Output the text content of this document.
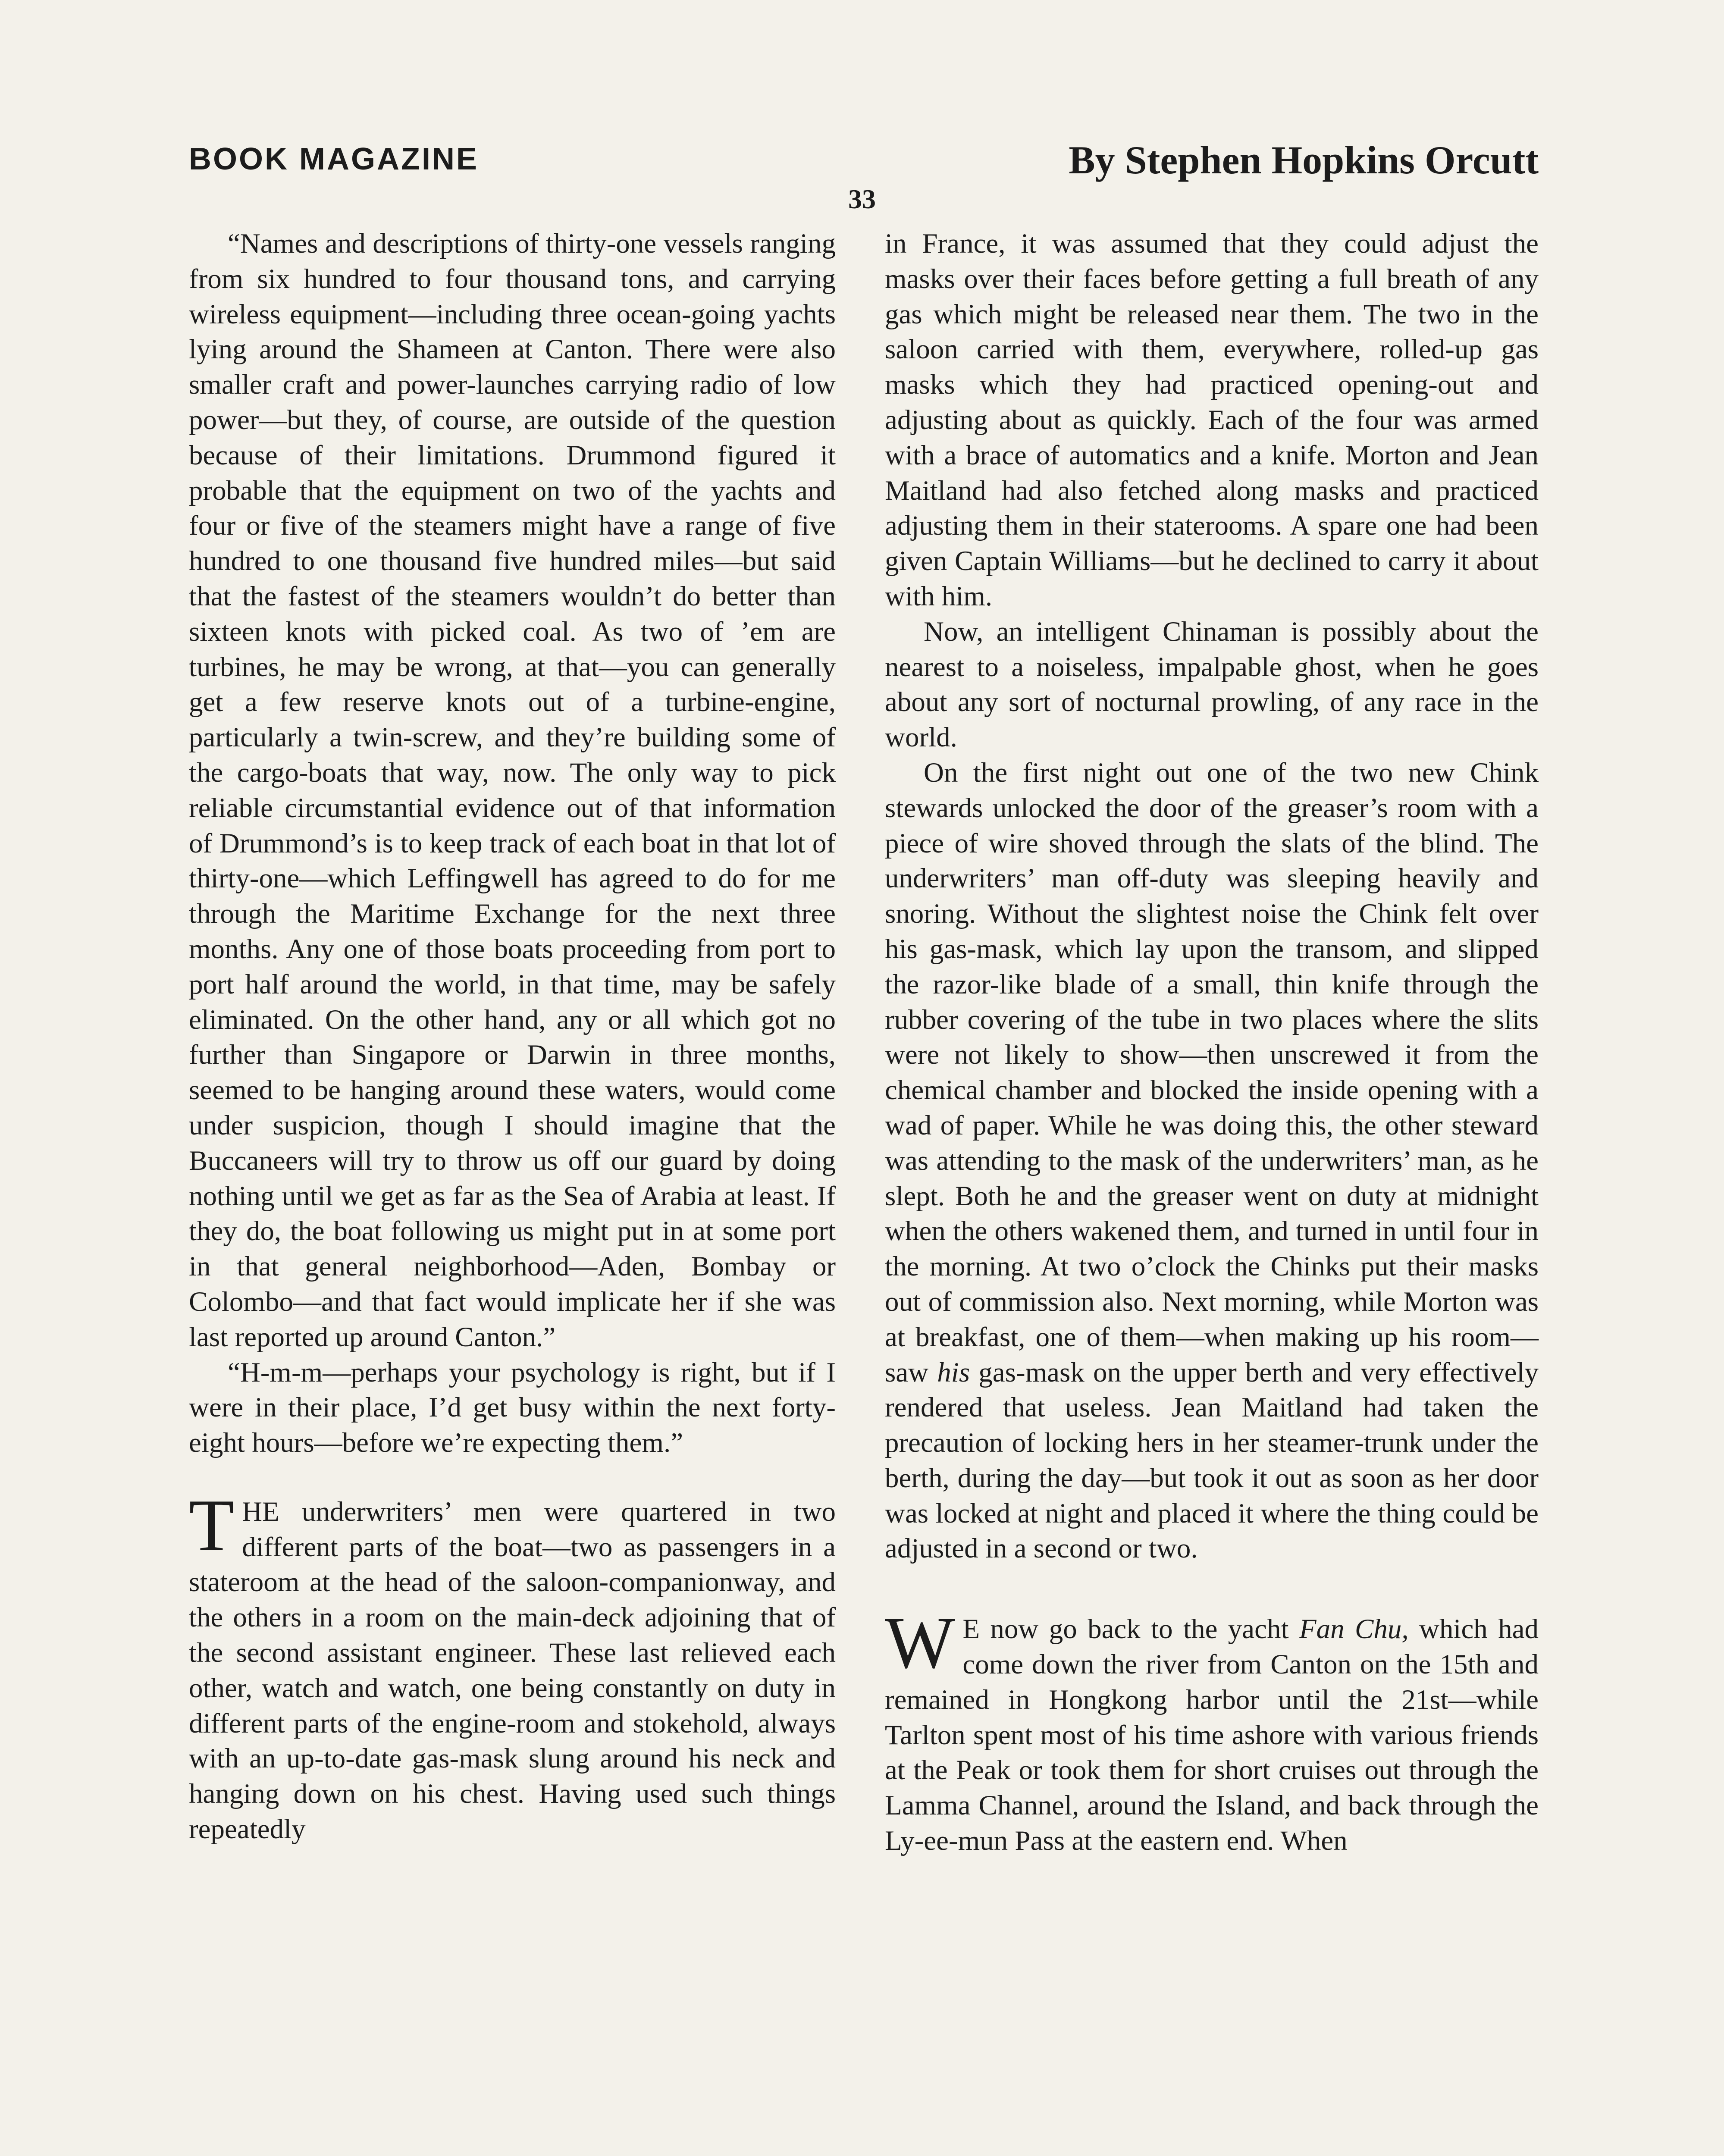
BOOK MAGAZINE	By Stephen Hopkins Orcutt
33

“Names and descriptions of thirty-one vessels ranging from six hundred to four thousand tons, and carrying wireless equipment—including three ocean-going yachts lying around the Shameen at Canton. There were also smaller craft and power-launches carrying radio of low power—but they, of course, are outside of the question because of their limitations. Drummond figured it probable that the equipment on two of the yachts and four or five of the steamers might have a range of five hundred to one thousand five hundred miles—but said that the fastest of the steamers wouldn’t do better than sixteen knots with picked coal. As two of ’em are turbines, he may be wrong, at that—you can generally get a few reserve knots out of a turbine-engine, particularly a twin-screw, and they’re building some of the cargo-boats that way, now. The only way to pick reliable circumstantial evidence out of that information of Drummond’s is to keep track of each boat in that lot of thirty-one—which Leffingwell has agreed to do for me through the Maritime Exchange for the next three months. Any one of those boats proceeding from port to port half around the world, in that time, may be safely eliminated. On the other hand, any or all which got no further than Singapore or Darwin in three months, seemed to be hanging around these waters, would come under suspicion, though I should imagine that the Buccaneers will try to throw us off our guard by doing nothing until we get as far as the Sea of Arabia at least. If they do, the boat following us might put in at some port in that general neighborhood—Aden, Bombay or Colombo—and that fact would implicate her if she was last reported up around Canton.”

“H-m-m—perhaps your psychology is right, but if I were in their place, I’d get busy within the next forty-eight hours—before we’re expecting them.”

THE underwriters’ men were quartered in two different parts of the boat—two as passengers in a stateroom at the head of the saloon-companionway, and the others in a room on the main-deck adjoining that of the second assistant engineer. These last relieved each other, watch and watch, one being constantly on duty in different parts of the engine-room and stokehold, always with an up-to-date gas-mask slung around his neck and hanging down on his chest. Having used such things repeatedly

in France, it was assumed that they could adjust the masks over their faces before getting a full breath of any gas which might be released near them. The two in the saloon carried with them, everywhere, rolled-up gas masks which they had practiced opening-out and adjusting about as quickly. Each of the four was armed with a brace of automatics and a knife. Morton and Jean Maitland had also fetched along masks and practiced adjusting them in their staterooms. A spare one had been given Captain Williams—but he declined to carry it about with him.

Now, an intelligent Chinaman is possibly about the nearest to a noiseless, impalpable ghost, when he goes about any sort of nocturnal prowling, of any race in the world.

On the first night out one of the two new Chink stewards unlocked the door of the greaser’s room with a piece of wire shoved through the slats of the blind. The underwriters’ man off-duty was sleeping heavily and snoring. Without the slightest noise the Chink felt over his gas-mask, which lay upon the transom, and slipped the razor-like blade of a small, thin knife through the rubber covering of the tube in two places where the slits were not likely to show—then unscrewed it from the chemical chamber and blocked the inside opening with a wad of paper. While he was doing this, the other steward was attending to the mask of the underwriters’ man, as he slept. Both he and the greaser went on duty at midnight when the others wakened them, and turned in until four in the morning. At two o’clock the Chinks put their masks out of commission also. Next morning, while Morton was at breakfast, one of them—when making up his room—saw his gas-mask on the upper berth and very effectively rendered that useless. Jean Maitland had taken the precaution of locking hers in her steamer-trunk under the berth, during the day—but took it out as soon as her door was locked at night and placed it where the thing could be adjusted in a second or two.

W E now go back to the yacht Fan Chu, which had come down the river from Canton on the 15th and remained in Hongkong harbor until the 21st—while Tarlton spent most of his time ashore with various friends at the Peak or took them for short cruises out through the Lamma Channel, around the Island, and back through the Ly-ee-mun Pass at the eastern end. When
